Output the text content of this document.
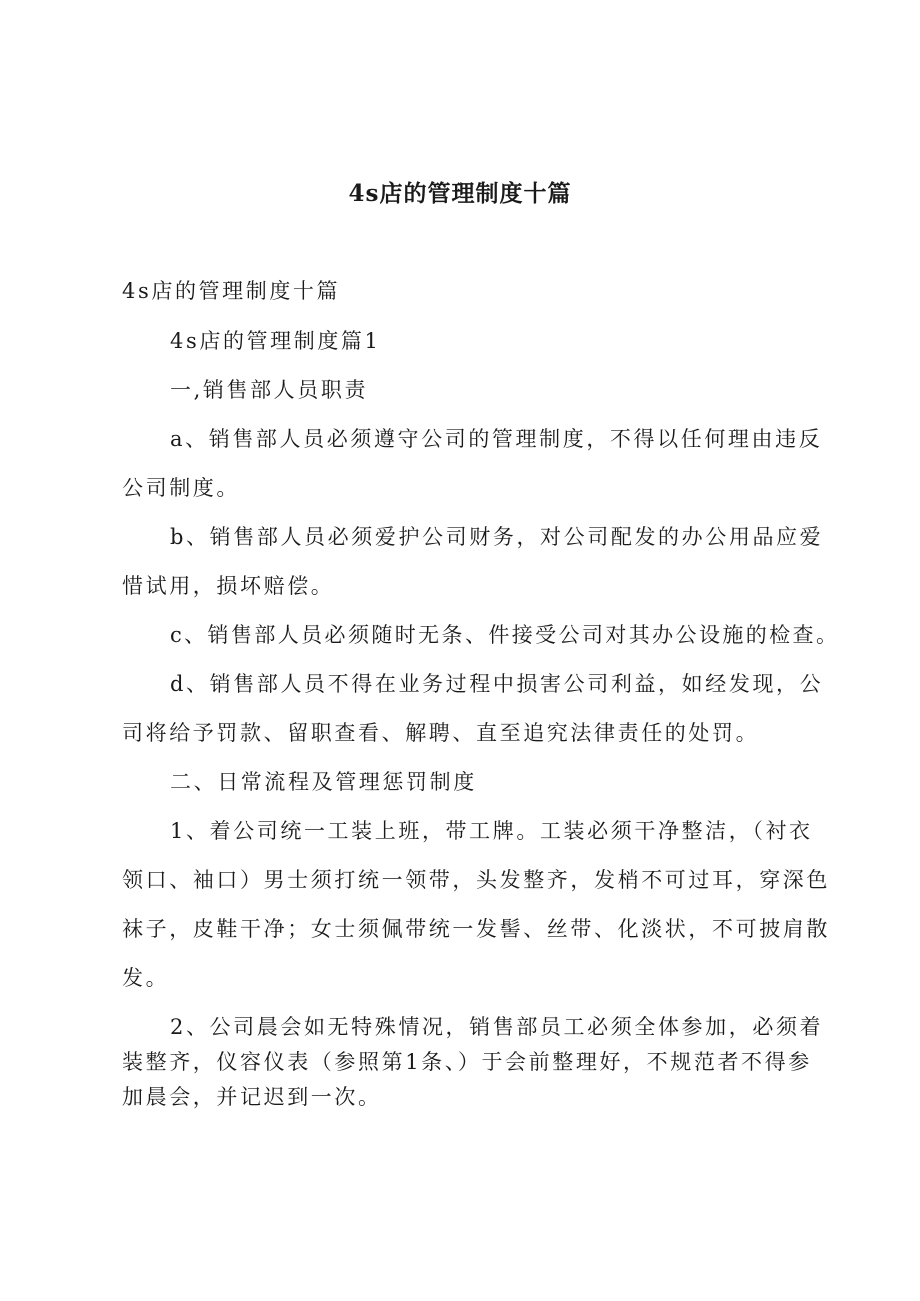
4s店的管理制度十篇

4s店的管理制度十篇

4s店的管理制度篇1

一,销售部人员职责

a、销售部人员必须遵守公司的管理制度，不得以任何理由违反

公司制度。

b、销售部人员必须爱护公司财务，对公司配发的办公用品应爱

惜试用，损坏赔偿。

c、销售部人员必须随时无条、件接受公司对其办公设施的检查。

d、销售部人员不得在业务过程中损害公司利益，如经发现，公

司将给予罚款、留职查看、解聘、直至追究法律责任的处罚。

二、日常流程及管理惩罚制度

1、着公司统一工装上班，带工牌。工装必须干净整洁，（衬衣

领口、袖口）男士须打统一领带，头发整齐，发梢不可过耳，穿深色

袜子，皮鞋干净；女士须佩带统一发髻、丝带、化淡状，不可披肩散

发。

2、公司晨会如无特殊情况，销售部员工必须全体参加，必须着

装整齐，仪容仪表（参照第1条、）于会前整理好，不规范者不得参

加晨会，并记迟到一次。
